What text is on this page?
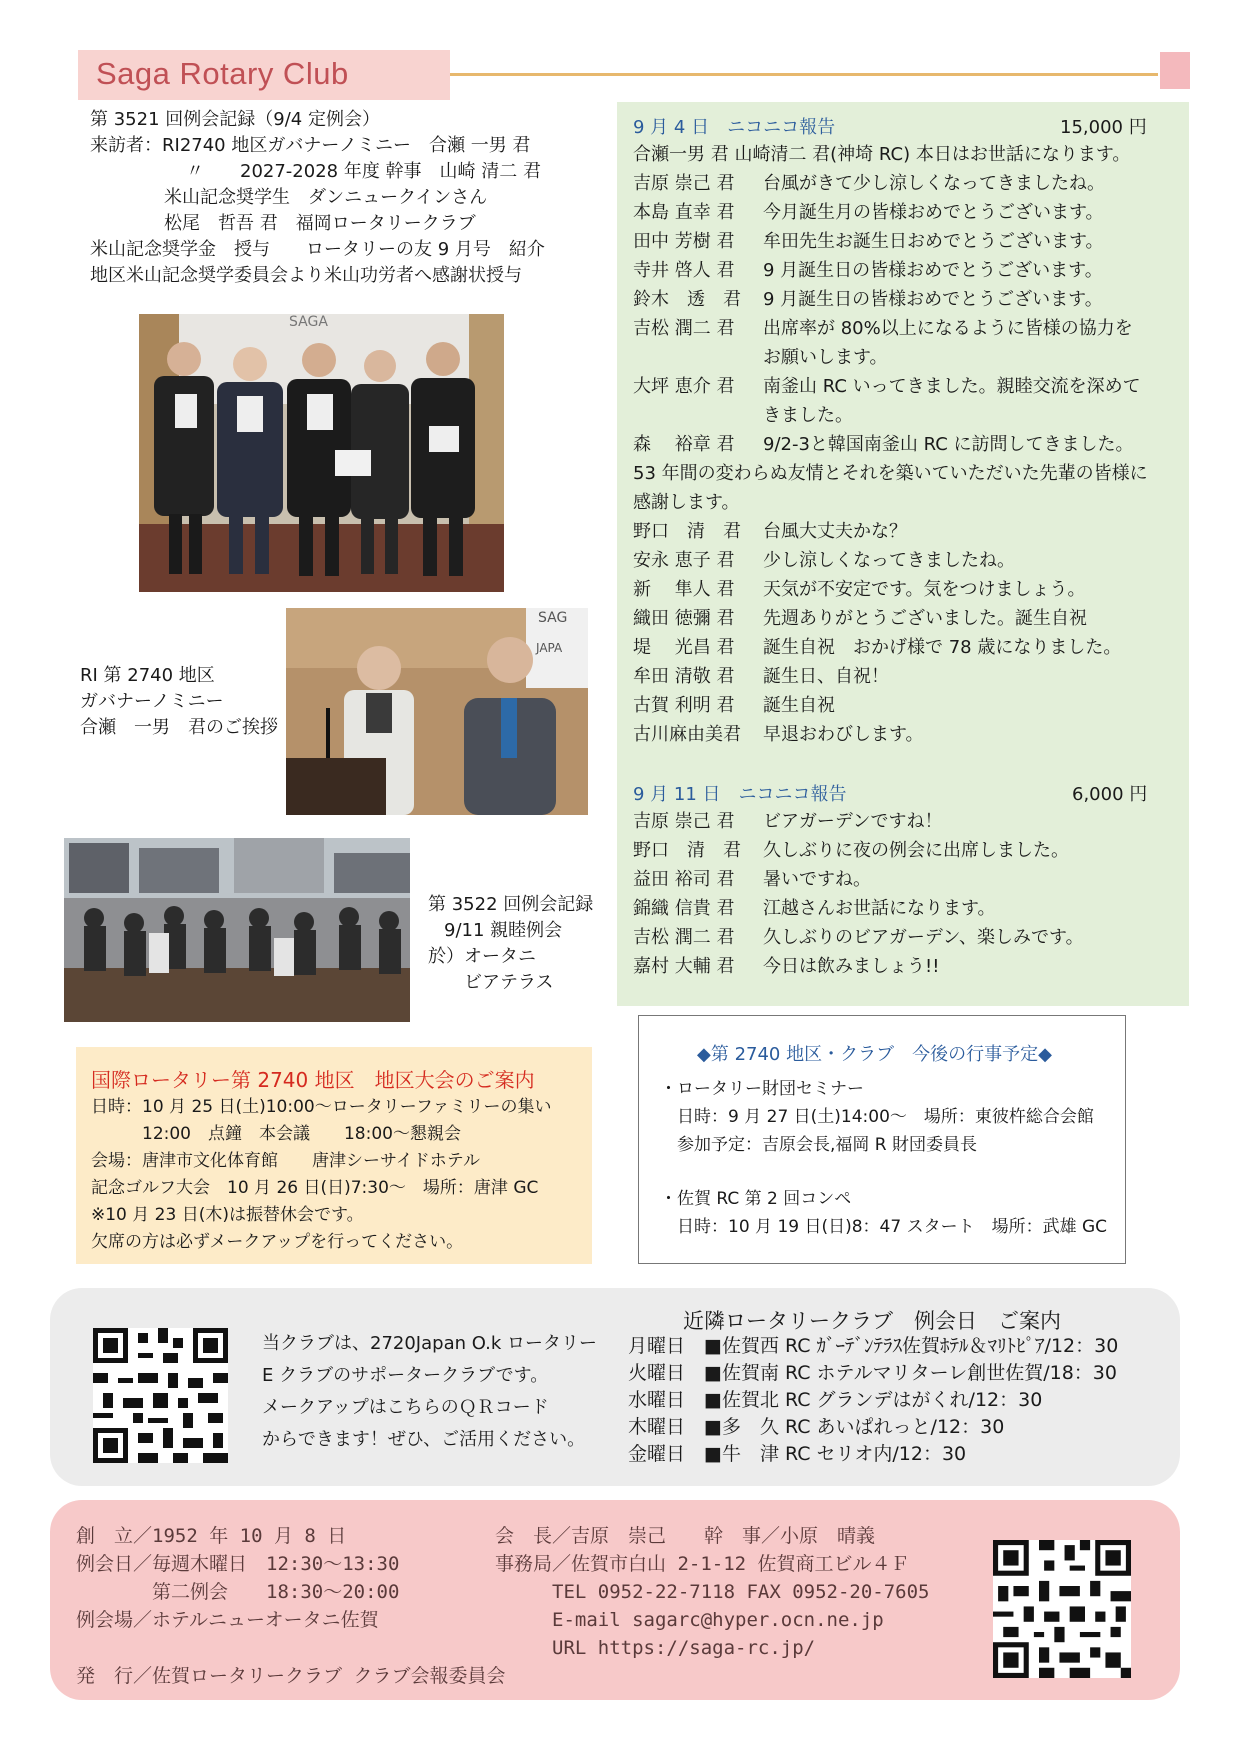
Saga Rotary Club
第 3521 回例会記録（9/4 定例会）
来訪者：RI2740 地区ガバナーノミニー　合瀬 一男 君
〃　　2027-2028 年度 幹事　山崎 清二 君
米山記念奨学生　ダンニュークインさん
松尾　哲吾 君　福岡ロータリークラブ
米山記念奨学金　授与　　ロータリーの友 9 月号　紹介
地区米山記念奨学委員会より米山功労者へ感謝状授与
SAGA
SAG
JAPA
RI 第 2740 地区
ガバナーノミニー
合瀬　一男　君のご挨拶
第 3522 回例会記録
9/11 親睦例会
於）オータニ
ビアテラス
9 月 4 日　ニコニコ報告	15,000 円
合瀬一男 君 山崎清二 君(神埼 RC) 本日はお世話になります。
吉原 崇己 君 台風がきて少し涼しくなってきましたね。
本島 直幸 君 今月誕生月の皆様おめでとうございます。
田中 芳樹 君 牟田先生お誕生日おめでとうございます。
寺井 啓人 君 9 月誕生日の皆様おめでとうございます。
鈴木　透　君 9 月誕生日の皆様おめでとうございます。
吉松 潤二 君 出席率が 80%以上になるように皆様の協力を
お願いします。
大坪 恵介 君 南釜山 RC いってきました。親睦交流を深めて
きました。
森　 裕章 君 9/2-3と韓国南釜山 RC に訪問してきました。
53 年間の変わらぬ友情とそれを築いていただいた先輩の皆様に
感謝します。
野口　清　君 台風大丈夫かな？
安永 恵子 君 少し涼しくなってきましたね。
新　 隼人 君 天気が不安定です。気をつけましょう。
織田 徳彌 君 先週ありがとうございました。誕生自祝
堤　 光昌 君 誕生自祝　おかげ様で 78 歳になりました。
牟田 清敬 君 誕生日、自祝！
古賀 利明 君 誕生自祝
古川麻由美君 早退おわびします。
9 月 11 日　ニコニコ報告	6,000 円
吉原 崇己 君 ビアガーデンですね！
野口　清　君 久しぶりに夜の例会に出席しました。
益田 裕司 君 暑いですね。
錦織 信貴 君 江越さんお世話になります。
吉松 潤二 君 久しぶりのビアガーデン、楽しみです。
嘉村 大輔 君 今日は飲みましょう!!
国際ロータリー第 2740 地区　地区大会のご案内
日時：10 月 25 日(土)10:00～ロータリーファミリーの集い
　　　12:00　点鐘　本会議　　18:00～懇親会
会場：唐津市文化体育館　　唐津シーサイドホテル
記念ゴルフ大会　10 月 26 日(日)7:30～　場所：唐津 GC
※10 月 23 日(木)は振替休会です。
欠席の方は必ずメークアップを行ってください。
◆第 2740 地区・クラブ　今後の行事予定◆
・ロータリー財団セミナー
　日時：9 月 27 日(土)14:00～　場所：東彼杵総合会館
　参加予定：吉原会長,福岡 R 財団委員長
・佐賀 RC 第 2 回コンペ
　日時：10 月 19 日(日)8：47 スタート　場所：武雄 GC
当クラブは、2720Japan O.k ロータリー
E クラブのサポータークラブです。
メークアップはこちらのＱＲコード
からできます！ぜひ、ご活用ください。
近隣ロータリークラブ　例会日　ご案内
月曜日　■佐賀西 RC ｶﾞｰﾃﾞﾝﾃﾗｽ佐賀ﾎﾃﾙ＆ﾏﾘﾄﾋﾟｱ/12：30
火曜日　■佐賀南 RC ホテルマリターレ創世佐賀/18：30
水曜日　■佐賀北 RC グランデはがくれ/12：30
木曜日　■多　久 RC あいぱれっと/12：30
金曜日　■牛　津 RC セリオ内/12：30
創　立／1952 年 10 月 8 日
例会日／毎週木曜日　12:30～13:30
　　　　第二例会　　18:30～20:00
例会場／ホテルニューオータニ佐賀
発　行／佐賀ロータリークラブ クラブ会報委員会
会　長／吉原　崇己　　幹　事／小原　晴義
事務局／佐賀市白山 2-1-12 佐賀商工ビル４Ｆ
　　　TEL 0952-22-7118 FAX 0952-20-7605
　　　E-mail sagarc@hyper.ocn.ne.jp
　　　URL https://saga-rc.jp/
